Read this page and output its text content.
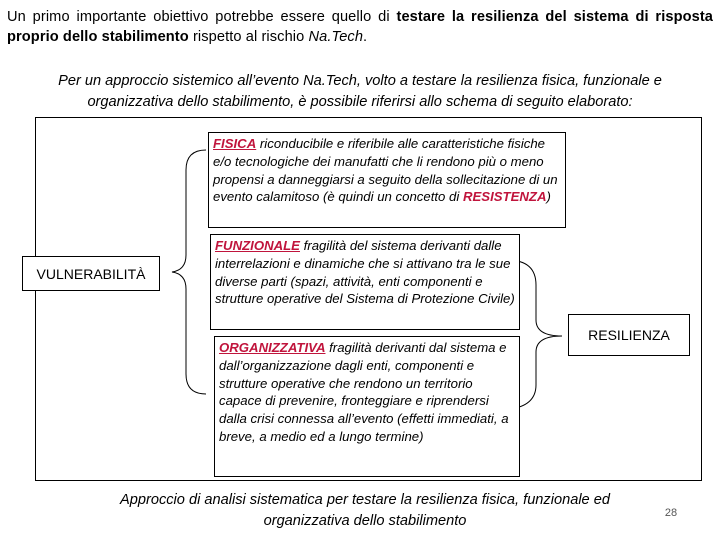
Un primo importante obiettivo potrebbe essere quello di testare la resilienza del sistema di risposta proprio dello stabilimento rispetto al rischio Na.Tech.
Per un approccio sistemico all’evento Na.Tech, volto a testare la resilienza fisica, funzionale e organizzativa dello stabilimento, è possibile riferirsi allo schema di seguito elaborato:
VULNERABILITÀ
RESILIENZA
FISICA riconducibile e riferibile alle caratteristiche fisiche e/o tecnologiche dei manufatti che li rendono più o meno propensi a danneggiarsi a seguito della sollecitazione di un evento calamitoso (è quindi un concetto di RESISTENZA)
FUNZIONALE fragilità del sistema derivanti dalle interrelazioni e dinamiche che si attivano tra le sue diverse parti (spazi, attività, enti componenti e strutture operative del Sistema di Protezione Civile)
ORGANIZZATIVA fragilità derivanti dal sistema e dall’organizzazione dagli enti, componenti e strutture operative che rendono un territorio capace di prevenire, fronteggiare e riprendersi dalla crisi connessa all’evento (effetti immediati, a breve, a medio ed a lungo termine)
Approccio di analisi sistematica per testare la resilienza fisica, funzionale ed organizzativa dello stabilimento	28
